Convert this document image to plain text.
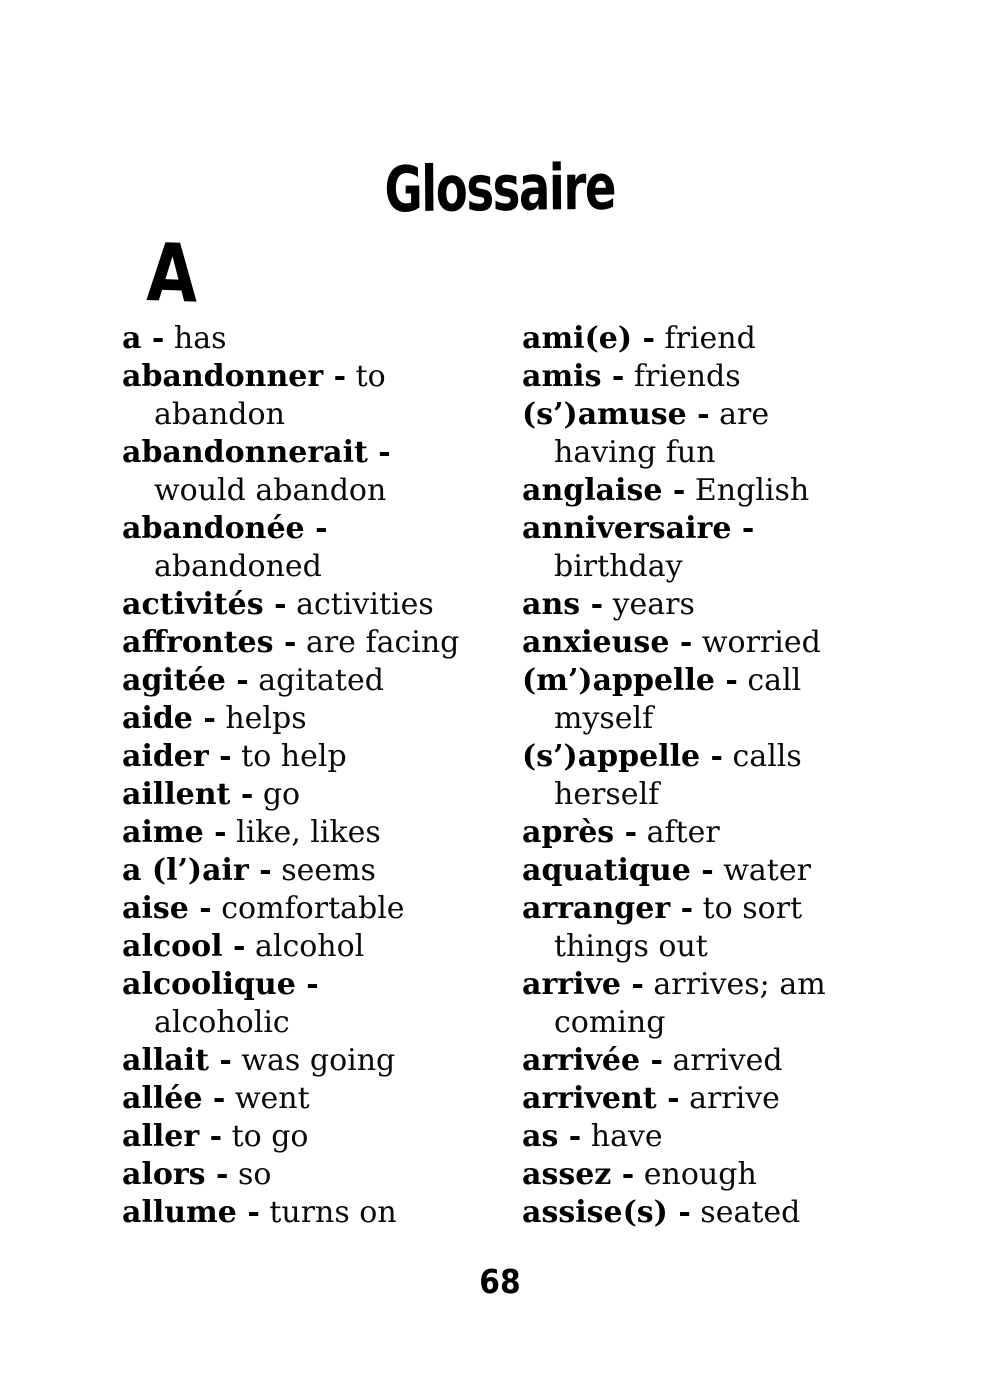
Glossaire
A
a - has
abandonner - to
abandon
abandonnerait -
would abandon
abandonée -
abandoned
activités - activities
affrontes - are facing
agitée - agitated
aide - helps
aider - to help
aillent - go
aime - like, likes
a (l’)air - seems
aise - comfortable
alcool - alcohol
alcoolique -
alcoholic
allait - was going
allée - went
aller - to go
alors - so
allume - turns on
ami(e) - friend
amis - friends
(s’)amuse - are
having fun
anglaise - English
anniversaire -
birthday
ans - years
anxieuse - worried
(m’)appelle - call
myself
(s’)appelle - calls
herself
après - after
aquatique - water
arranger - to sort
things out
arrive - arrives; am
coming
arrivée - arrived
arrivent - arrive
as - have
assez - enough
assise(s) - seated
68
